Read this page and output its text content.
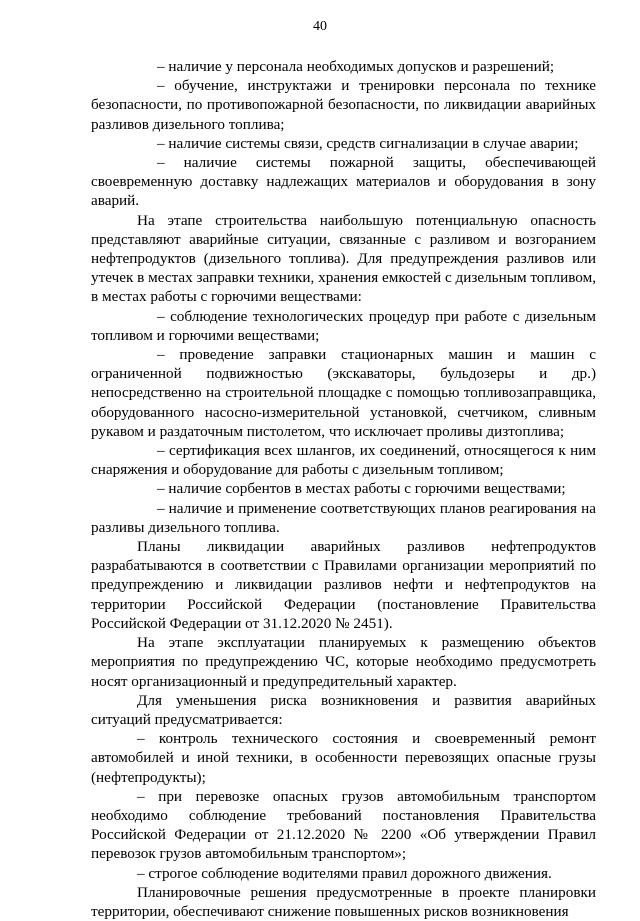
40

– наличие у персонала необходимых допусков и разрешений;

– обучение, инструктажи и тренировки персонала по технике безопасности, по противопожарной безопасности, по ликвидации аварийных разливов дизельного топлива;

– наличие системы связи, средств сигнализации в случае аварии;

– наличие системы пожарной защиты, обеспечивающей своевременную доставку надлежащих материалов и оборудования в зону аварий.

На этапе строительства наибольшую потенциальную опасность представляют аварийные ситуации, связанные с разливом и возгоранием нефтепродуктов (дизельного топлива). Для предупреждения разливов или утечек в местах заправки техники, хранения емкостей с дизельным топливом, в местах работы с горючими веществами:

– соблюдение технологических процедур при работе с дизельным топливом и горючими веществами;

– проведение заправки стационарных машин и машин с ограниченной подвижностью (экскаваторы, бульдозеры и др.) непосредственно на строительной площадке с помощью топливозаправщика, оборудованного насосно-измерительной установкой, счетчиком, сливным рукавом и раздаточным пистолетом, что исключает проливы дизтоплива;

– сертификация всех шлангов, их соединений, относящегося к ним снаряжения и оборудование для работы с дизельным топливом;

– наличие сорбентов в местах работы с горючими веществами;

– наличие и применение соответствующих планов реагирования на разливы дизельного топлива.

Планы ликвидации аварийных разливов нефтепродуктов разрабатываются в соответствии с Правилами организации мероприятий по предупреждению и ликвидации разливов нефти и нефтепродуктов на территории Российской Федерации (постановление Правительства Российской Федерации от 31.12.2020 № 2451).

На этапе эксплуатации планируемых к размещению объектов мероприятия по предупреждению ЧС, которые необходимо предусмотреть носят организационный и предупредительный характер.

Для уменьшения риска возникновения и развития аварийных ситуаций предусматривается:

– контроль технического состояния и своевременный ремонт автомобилей и иной техники, в особенности перевозящих опасные грузы (нефтепродукты);

– при перевозке опасных грузов автомобильным транспортом необходимо соблюдение требований постановления Правительства Российской Федерации от 21.12.2020 № 2200 «Об утверждении Правил перевозок грузов автомобильным транспортом»;

– строгое соблюдение водителями правил дорожного движения.

Планировочные решения предусмотренные в проекте планировки территории, обеспечивают снижение повышенных рисков возникновения
